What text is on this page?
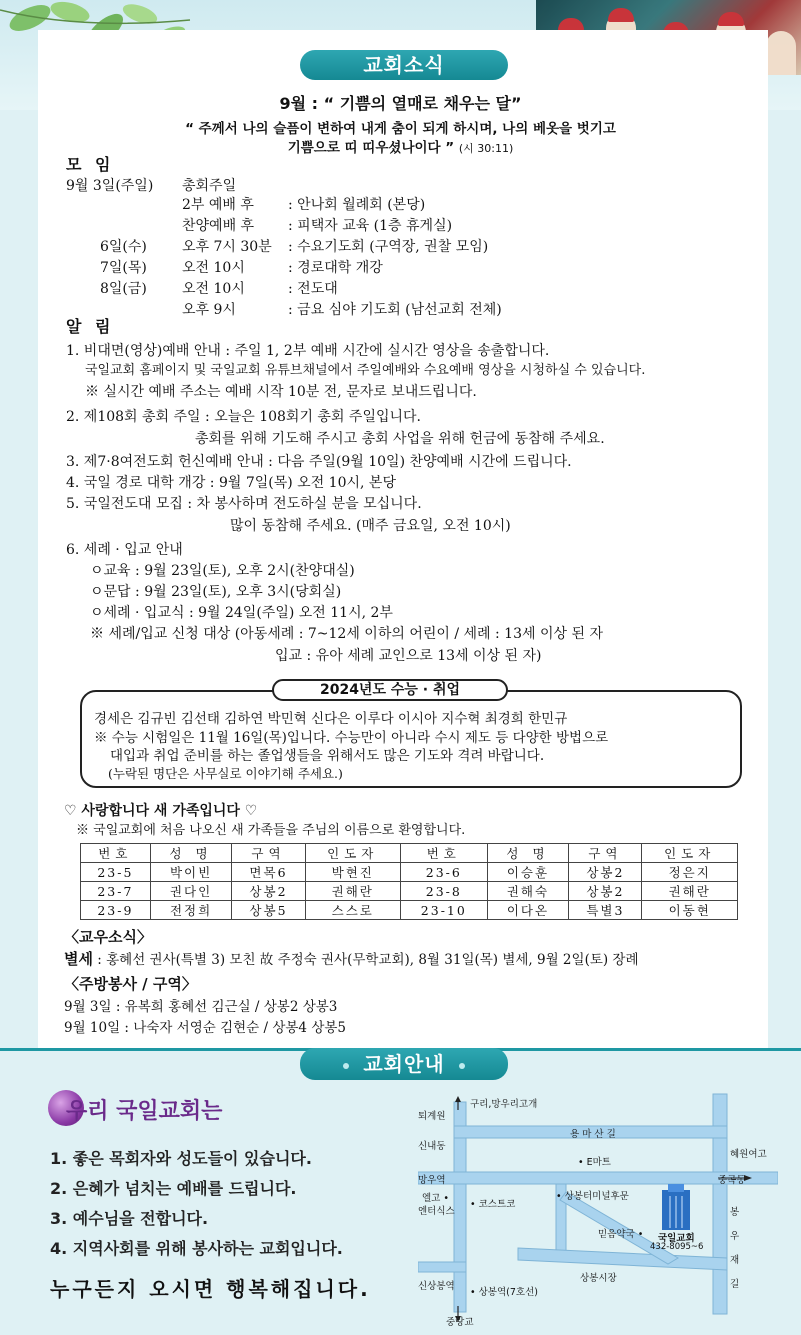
교회소식
9월 : “ 기쁨의 열매로 채우는 달”
“ 주께서 나의 슬픔이 변하여 내게 춤이 되게 하시며, 나의 베옷을 벗기고
기쁨으로 띠 띠우셨나이다 ” (시 30:11)
모 임
9월 3일(주일) 총회주일
2부 예배 후 : 안나회 월례회 (본당)
찬양예배 후 : 피택자 교육 (1층 휴게실)
6일(수)	오후 7시 30분 : 수요기도회 (구역장, 권찰 모임)
7일(목)	오전 10시	: 경로대학 개강
8일(금)	오전 10시	: 전도대
오후 9시	: 금요 심야 기도회 (남선교회 전체)
알 림
1. 비대면(영상)예배 안내 : 주일 1, 2부 예배 시간에 실시간 영상을 송출합니다.
국일교회 홈페이지 및 국일교회 유튜브채널에서 주일예배와 수요예배 영상을 시청하실 수 있습니다.
※ 실시간 예배 주소는 예배 시작 10분 전, 문자로 보내드립니다.
2. 제108회 총회 주일 : 오늘은 108회기 총회 주일입니다.
총회를 위해 기도해 주시고 총회 사업을 위해 헌금에 동참해 주세요.
3. 제7·8여전도회 헌신예배 안내 : 다음 주일(9월 10일) 찬양예배 시간에 드립니다.
4. 국일 경로 대학 개강 : 9월 7일(목) 오전 10시, 본당
5. 국일전도대 모집 : 차 봉사하며 전도하실 분을 모십니다.
많이 동참해 주세요. (매주 금요일, 오전 10시)
6. 세례 · 입교 안내
ㅇ교육 : 9월 23일(토), 오후 2시(찬양대실)
ㅇ문답 : 9월 23일(토), 오후 3시(당회실)
ㅇ세례 · 입교식 : 9월 24일(주일) 오전 11시, 2부
※ 세례/입교 신청 대상 (아동세례 : 7~12세 이하의 어린이 / 세례 : 13세 이상 된 자
입교 : 유아 세례 교인으로 13세 이상 된 자)
2024년도 수능 · 취업
경세은 김규빈 김선태 김하연 박민혁 신다은 이루다 이시아 지수혁 최경희 한민규
※ 수능 시험일은 11월 16일(목)입니다. 수능만이 아니라 수시 제도 등 다양한 방법으로
대입과 취업 준비를 하는 졸업생들을 위해서도 많은 기도와 격려 바랍니다.
(누락된 명단은 사무실로 이야기해 주세요.)
♡ 사랑합니다 새 가족입니다 ♡
※ 국일교회에 처음 나오신 새 가족들을 주님의 이름으로 환영합니다.
번호	성 명	구역	인도자	번호	성 명	구역	인도자
23-5	박이빈	면목6	박현진	23-6	이승훈	상봉2	정은지
23-7	권다인	상봉2	권해란	23-8	권해숙	상봉2	권해란
23-9	전정희	상봉5	스스로	23-10	이다온	특별3	이동현
〈교우소식〉
별세 : 홍혜선 권사(특별 3) 모친 故 주정숙 권사(무학교회), 8월 31일(목) 별세, 9월 2일(토) 장례
〈주방봉사 / 구역〉
9월 3일 : 유복희 홍혜선 김근실 / 상봉2 상봉3
9월 10일 : 나숙자 서영순 김현순 / 상봉4 상봉5
교회안내
우리 국일교회는
1. 좋은 목회자와 성도들이 있습니다.
2. 은혜가 넘치는 예배를 드립니다.
3. 예수님을 전합니다.
4. 지역사회를 위해 봉사하는 교회입니다.
누구든지 오시면 행복해집니다.
구리,망우리고개
퇴계원
용 마 산 길
신내동
• E마트
혜원여고
망우역	중곡동
엘고 •
엔터식스
• 코스트코
• 상봉터미널후문
믿음약국 • 국일교회
432-8095~6
상봉시장
신상봉역
• 상봉역(7호선)
중랑교
봉
우
재
길
